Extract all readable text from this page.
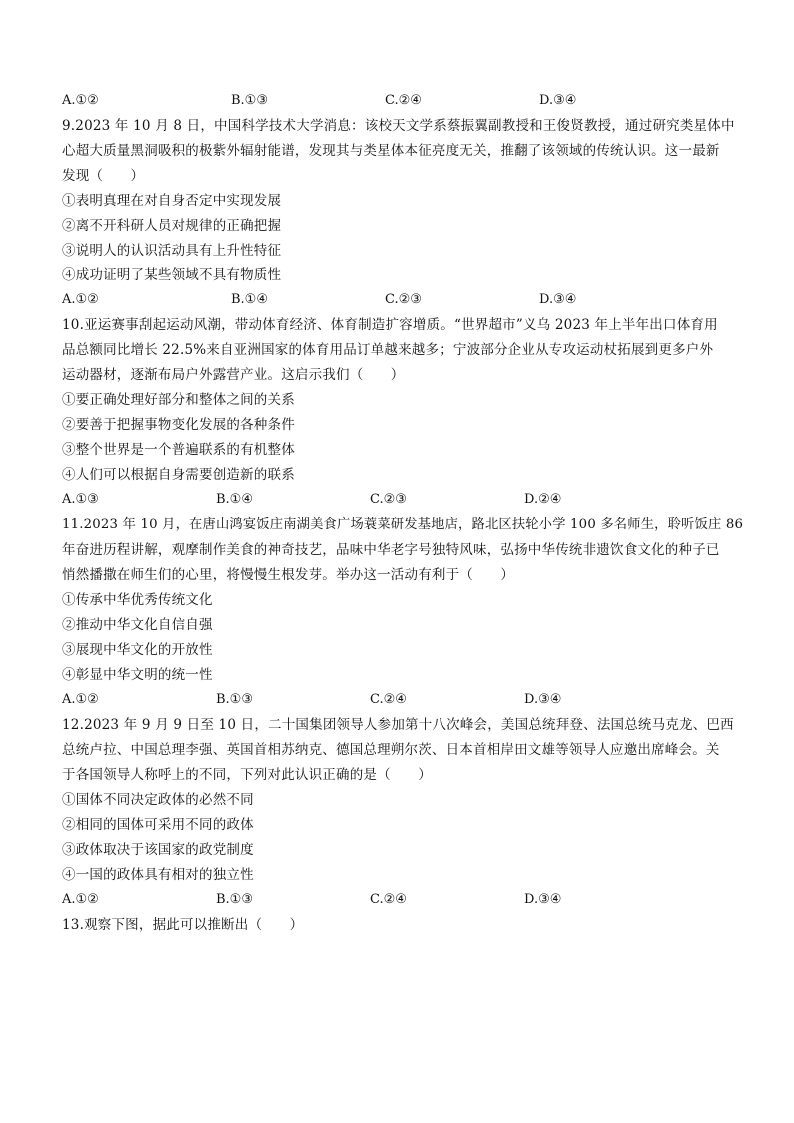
A.①②	B.①③	C.②④	D.③④
9.2023 年 10 月 8 日，中国科学技术大学消息：该校天文学系蔡振翼副教授和王俊贤教授，通过研究类星体中
心超大质量黑洞吸积的极紫外辐射能谱，发现其与类星体本征亮度无关，推翻了该领域的传统认识。这一最新
发现（　　）
①表明真理在对自身否定中实现发展
②离不开科研人员对规律的正确把握
③说明人的认识活动具有上升性特征
④成功证明了某些领域不具有物质性
A.①②	B.①④	C.②③	D.③④
10.亚运赛事刮起运动风潮，带动体育经济、体育制造扩容增质。“世界超市”义乌 2023 年上半年出口体育用
品总额同比增长 22.5%来自亚洲国家的体育用品订单越来越多；宁波部分企业从专攻运动杖拓展到更多户外
运动器材，逐渐布局户外露营产业。这启示我们（　　）
①要正确处理好部分和整体之间的关系
②要善于把握事物变化发展的各种条件
③整个世界是一个普遍联系的有机整体
④人们可以根据自身需要创造新的联系
A.①③	B.①④	C.②③	D.②④
11.2023 年 10 月，在唐山鸿宴饭庄南湖美食广场蓑菜研发基地店，路北区扶轮小学 100 多名师生，聆听饭庄 86
年奋进历程讲解，观摩制作美食的神奇技艺，品味中华老字号独特风味，弘扬中华传统非遗饮食文化的种子已
悄然播撒在师生们的心里，将慢慢生根发芽。举办这一活动有利于（　　）
①传承中华优秀传统文化
②推动中华文化自信自强
③展现中华文化的开放性
④彰显中华文明的统一性
A.①②	B.①③	C.②④	D.③④
12.2023 年 9 月 9 日至 10 日，二十国集团领导人参加第十八次峰会，美国总统拜登、法国总统马克龙、巴西
总统卢拉、中国总理李强、英国首相苏纳克、德国总理朔尔茨、日本首相岸田文雄等领导人应邀出席峰会。关
于各国领导人称呼上的不同，下列对此认识正确的是（　　）
①国体不同决定政体的必然不同
②相同的国体可采用不同的政体
③政体取决于该国家的政党制度
④一国的政体具有相对的独立性
A.①②	B.①③	C.②④	D.③④
13.观察下图，据此可以推断出（　　）
